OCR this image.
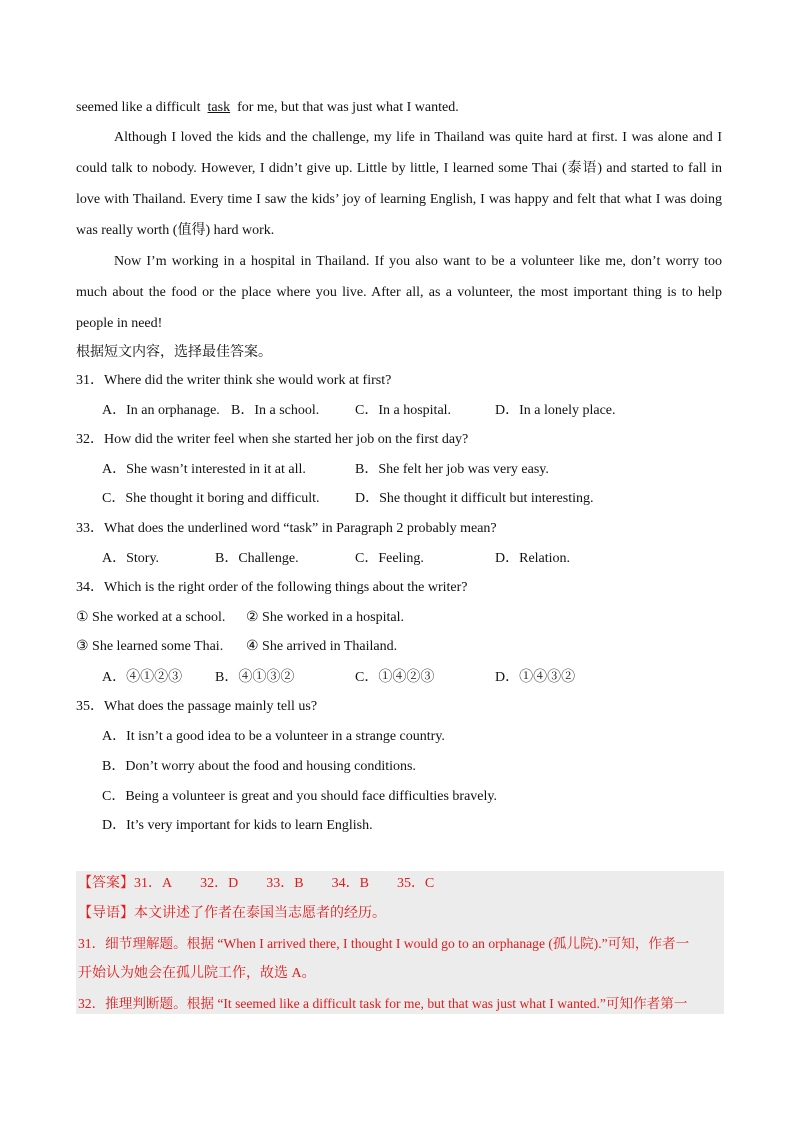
seemed like a difficult task for me, but that was just what I wanted.

Although I loved the kids and the challenge, my life in Thailand was quite hard at first. I was alone and I could talk to nobody. However, I didn’t give up. Little by little, I learned some Thai (泰语) and started to fall in love with Thailand. Every time I saw the kids’ joy of learning English, I was happy and felt that what I was doing was really worth (值得) hard work.

Now I’m working in a hospital in Thailand. If you also want to be a volunteer like me, don’t worry too much about the food or the place where you live. After all, as a volunteer, the most important thing is to help people in need!

根据短文内容，选择最佳答案。

31．Where did the writer think she would work at first?

A．In an orphanage. B．In a school.	C．In a hospital.	D．In a lonely place.

32．How did the writer feel when she started her job on the first day?

A．She wasn’t interested in it at all.	B．She felt her job was very easy.
C．She thought it boring and difficult.	D．She thought it difficult but interesting.

33．What does the underlined word “task” in Paragraph 2 probably mean?

A．Story.	B．Challenge.	C．Feeling.	D．Relation.

34．Which is the right order of the following things about the writer?

① She worked at a school. ② She worked in a hospital.
③ She learned some Thai. ④ She arrived in Thailand.
A．④①②③ B．④①③②	C．①④②③	D．①④③②

35．What does the passage mainly tell us?

A．It isn’t a good idea to be a volunteer in a strange country.
B．Don’t worry about the food and housing conditions.
C．Being a volunteer is great and you should face difficulties bravely.
D．It’s very important for kids to learn English.
【答案】31．A 32．D 33．B 34．B 35．C
【导语】本文讲述了作者在泰国当志愿者的经历。
31．细节理解题。根据 “When I arrived there, I thought I would go to an orphanage (孤儿院).”可知，作者一
开始认为她会在孤儿院工作，故选 A。
32．推理判断题。根据 “It seemed like a difficult task for me, but that was just what I wanted.”可知作者第一
